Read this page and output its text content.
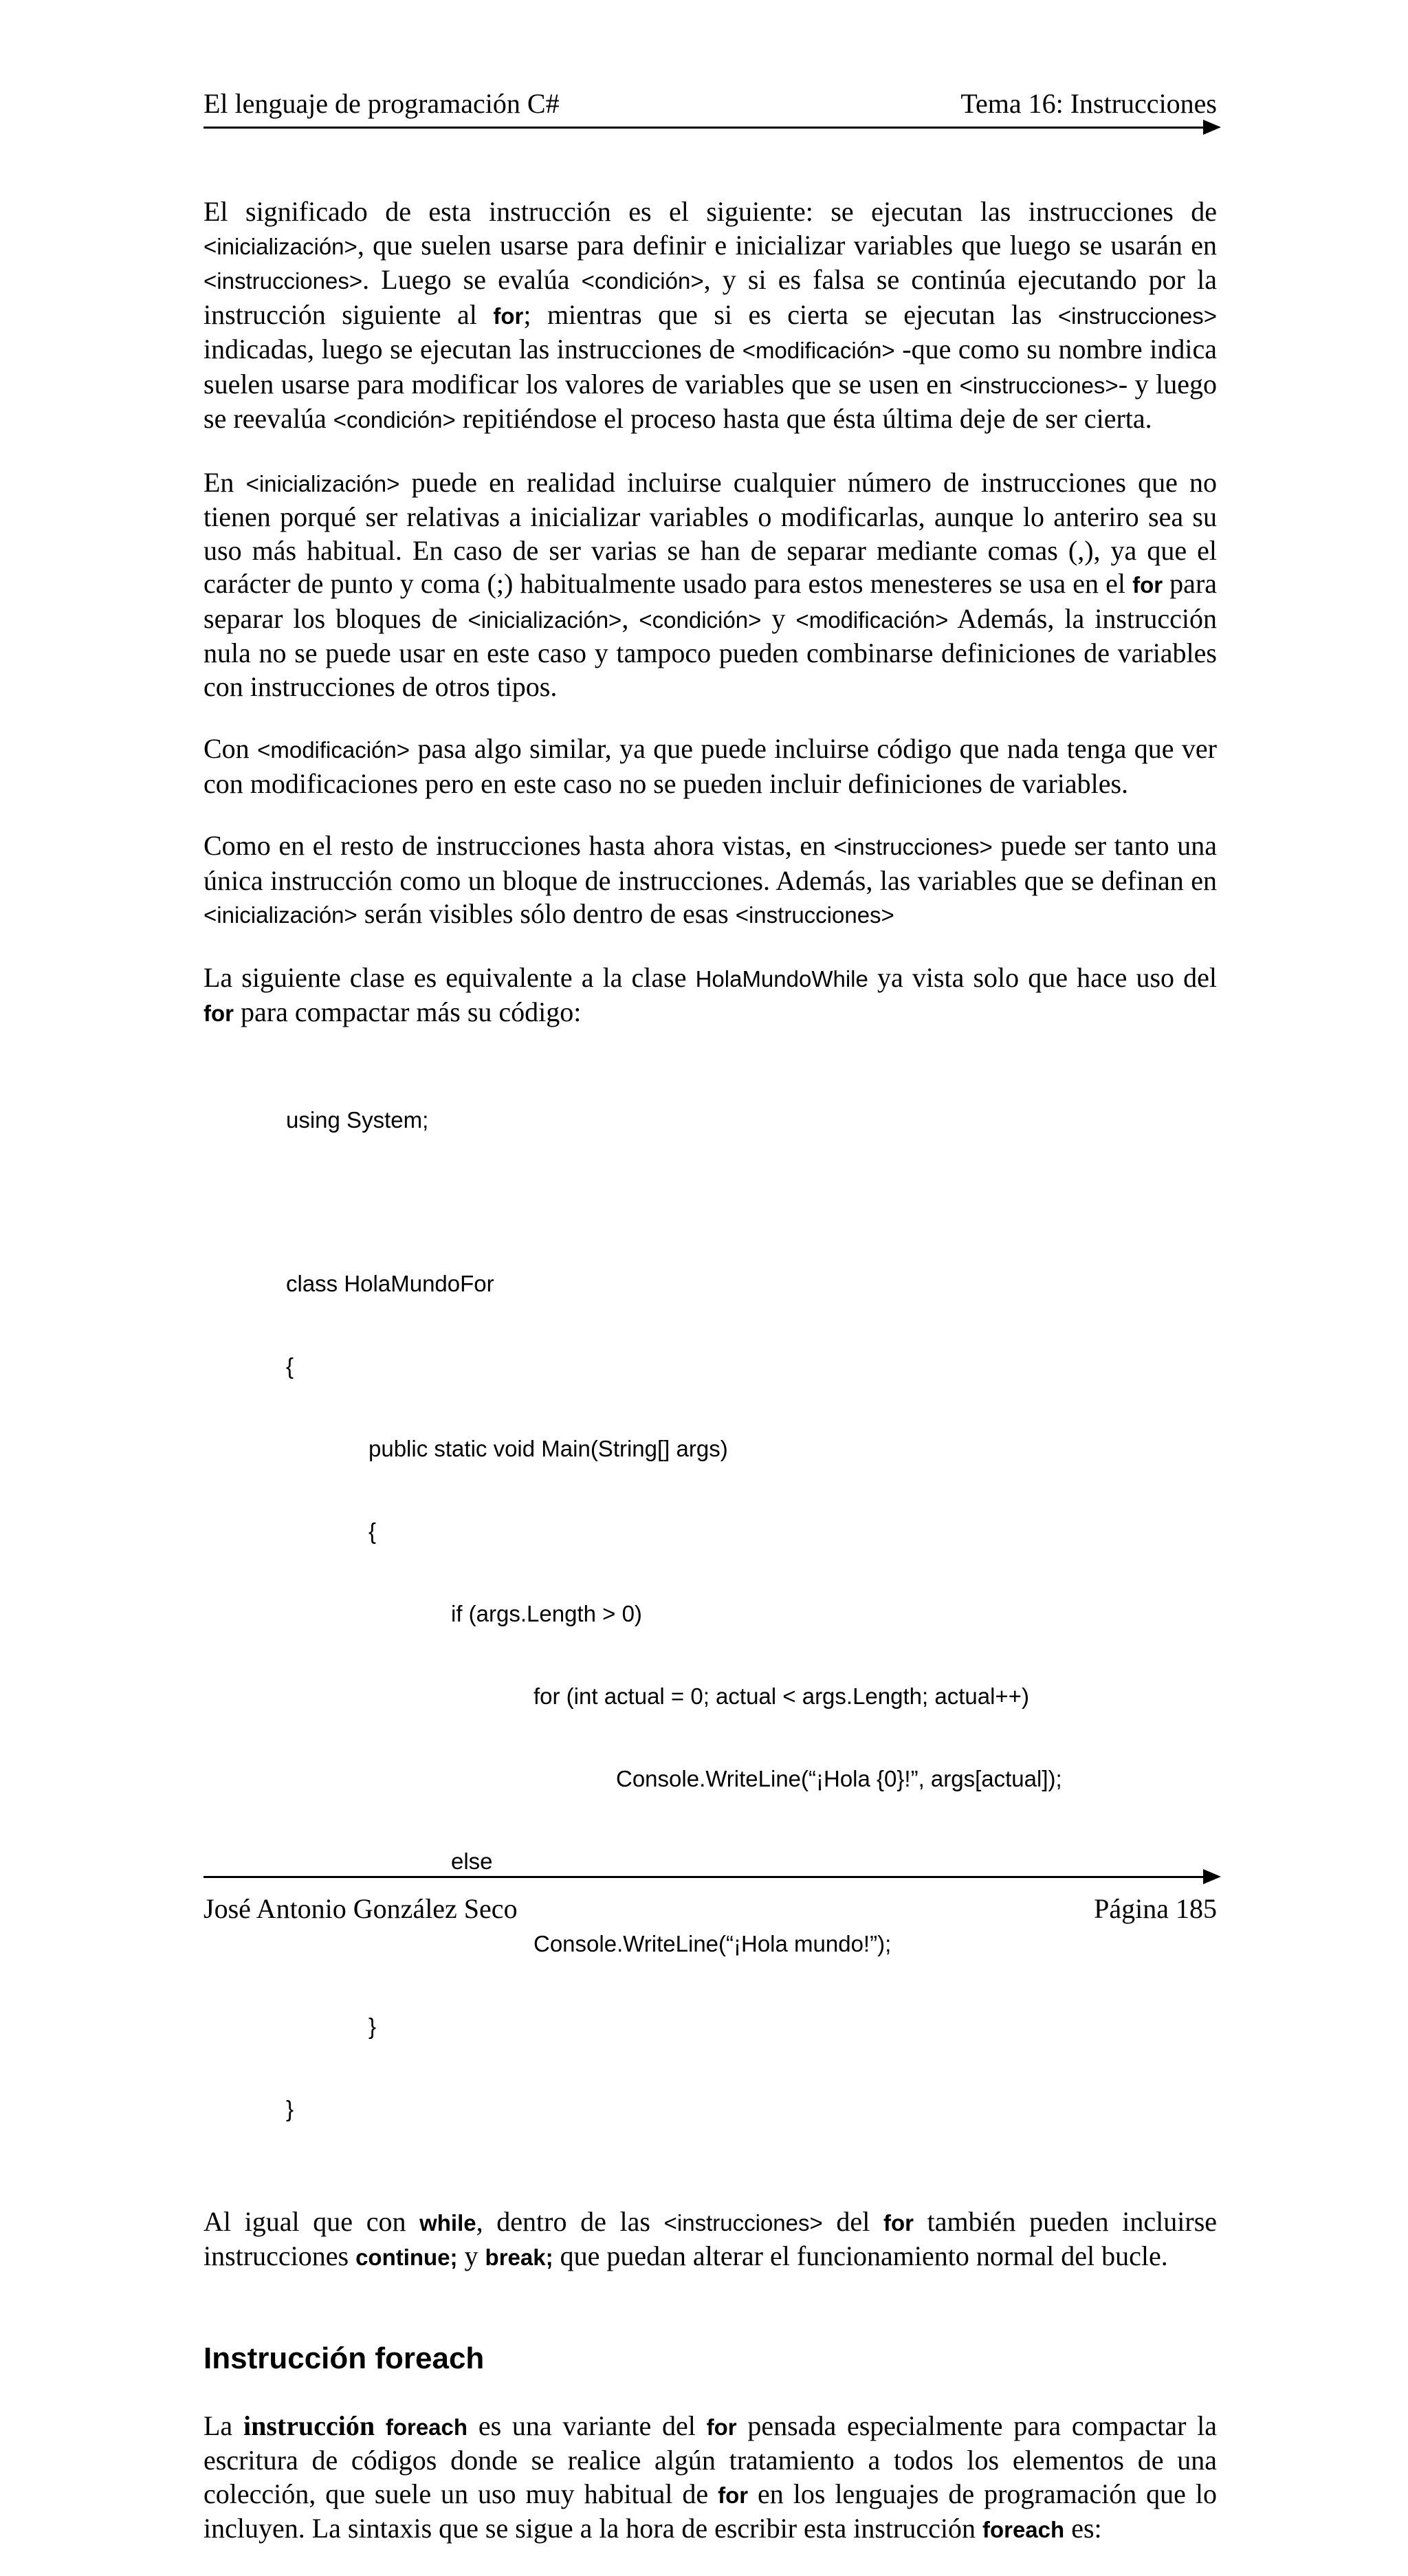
El lenguaje de programación C#	Tema 16: Instrucciones

El significado de esta instrucción es el siguiente: se ejecutan las instrucciones de <inicialización>, que suelen usarse para definir e inicializar variables que luego se usarán en <instrucciones>. Luego se evalúa <condición>, y si es falsa se continúa ejecutando por la instrucción siguiente al for; mientras que si es cierta se ejecutan las <instrucciones> indicadas, luego se ejecutan las instrucciones de <modificación> -que como su nombre indica suelen usarse para modificar los valores de variables que se usen en <instrucciones>- y luego se reevalúa <condición> repitiéndose el proceso hasta que ésta última deje de ser cierta.

En <inicialización> puede en realidad incluirse cualquier número de instrucciones que no tienen porqué ser relativas a inicializar variables o modificarlas, aunque lo anteriro sea su uso más habitual. En caso de ser varias se han de separar mediante comas (,), ya que el carácter de punto y coma (;) habitualmente usado para estos menesteres se usa en el for para separar los bloques de <inicialización>, <condición> y <modificación> Además, la instrucción nula no se puede usar en este caso y tampoco pueden combinarse definiciones de variables con instrucciones de otros tipos.

Con <modificación> pasa algo similar, ya que puede incluirse código que nada tenga que ver con modificaciones pero en este caso no se pueden incluir definiciones de variables.

Como en el resto de instrucciones hasta ahora vistas, en <instrucciones> puede ser tanto una única instrucción como un bloque de instrucciones. Además, las variables que se definan en <inicialización> serán visibles sólo dentro de esas <instrucciones>

La siguiente clase es equivalente a la clase HolaMundoWhile ya vista solo que hace uso del for para compactar más su código:

using System;

class HolaMundoFor

{

public static void Main(String[] args)

{

if (args.Length > 0)

for (int actual = 0; actual < args.Length; actual++)

Console.WriteLine(“¡Hola {0}!”, args[actual]);

else

Console.WriteLine(“¡Hola mundo!”);

}

}

Al igual que con while, dentro de las <instrucciones> del for también pueden incluirse instrucciones continue; y break; que puedan alterar el funcionamiento normal del bucle.

Instrucción foreach

La instrucción foreach es una variante del for pensada especialmente para compactar la escritura de códigos donde se realice algún tratamiento a todos los elementos de una colección, que suele un uso muy habitual de for en los lenguajes de programación que lo incluyen. La sintaxis que se sigue a la hora de escribir esta instrucción foreach es:

José Antonio González Seco	Página 185
